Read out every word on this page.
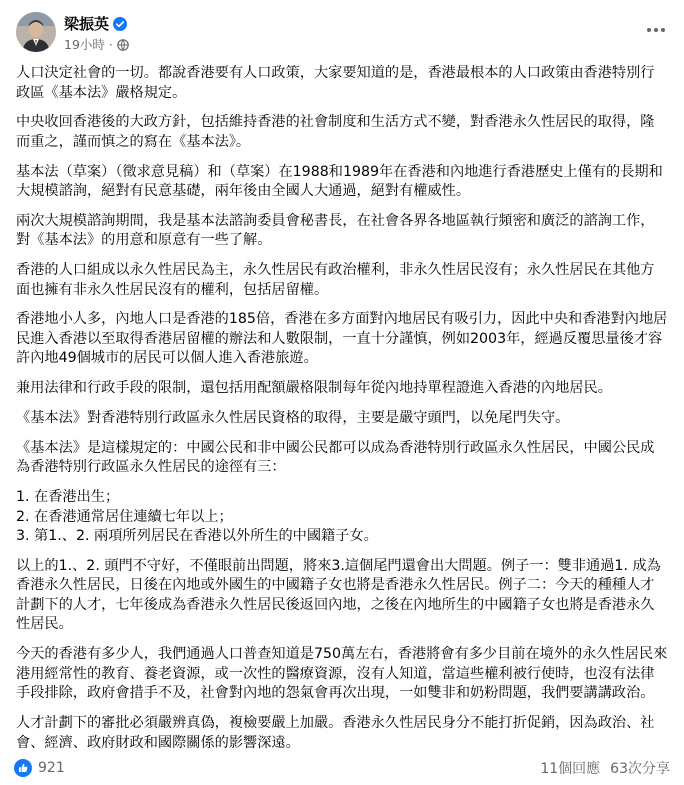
梁振英
19小時 ·

人口決定社會的一切。都說香港要有人口政策，大家要知道的是，香港最根本的人口政策由香港特別行政區《基本法》嚴格規定。

中央收回香港後的大政方針，包括維持香港的社會制度和生活方式不變，對香港永久性居民的取得，隆而重之，謹而慎之的寫在《基本法》。

基本法（草案）（徵求意見稿）和（草案）在1988和1989年在香港和內地進行香港歷史上僅有的長期和大規模諮詢，絕對有民意基礎，兩年後由全國人大通過，絕對有權威性。

兩次大規模諮詢期間，我是基本法諮詢委員會秘書長，在社會各界各地區執行頻密和廣泛的諮詢工作，對《基本法》的用意和原意有一些了解。

香港的人口組成以永久性居民為主，永久性居民有政治權利，非永久性居民沒有；永久性居民在其他方面也擁有非永久性居民沒有的權利，包括居留權。

香港地小人多，內地人口是香港的185倍，香港在多方面對內地居民有吸引力，因此中央和香港對內地居民進入香港以至取得香港居留權的辦法和人數限制，一直十分謹慎，例如2003年，經過反覆思量後才容許內地49個城市的居民可以個人進入香港旅遊。

兼用法律和行政手段的限制，還包括用配額嚴格限制每年從內地持單程證進入香港的內地居民。

《基本法》對香港特別行政區永久性居民資格的取得，主要是嚴守頭門，以免尾門失守。

《基本法》是這樣規定的：中國公民和非中國公民都可以成為香港特別行政區永久性居民，中國公民成為香港特別行政區永久性居民的途徑有三：

1. 在香港出生；
2. 在香港通常居住連續七年以上；
3. 第1.、2. 兩項所列居民在香港以外所生的中國籍子女。

以上的1.、2. 頭門不守好，不僅眼前出問題，將來3.這個尾門還會出大問題。例子一：雙非通過1. 成為香港永久性居民，日後在內地或外國生的中國籍子女也將是香港永久性居民。例子二：今天的種種人才計劃下的人才，七年後成為香港永久性居民後返回內地，之後在內地所生的中國籍子女也將是香港永久性居民。

今天的香港有多少人，我們通過人口普查知道是750萬左右，香港將會有多少目前在境外的永久性居民來港用經常性的教育、養老資源，或一次性的醫療資源，沒有人知道，當這些權利被行使時，也沒有法律手段排除，政府會措手不及，社會對內地的怨氣會再次出現，一如雙非和奶粉問題，我們要講講政治。

人才計劃下的審批必須嚴辨真偽，複檢要嚴上加嚴。香港永久性居民身分不能打折促銷，因為政治、社會、經濟、政府財政和國際關係的影響深遠。

921	11個回應 63次分享
